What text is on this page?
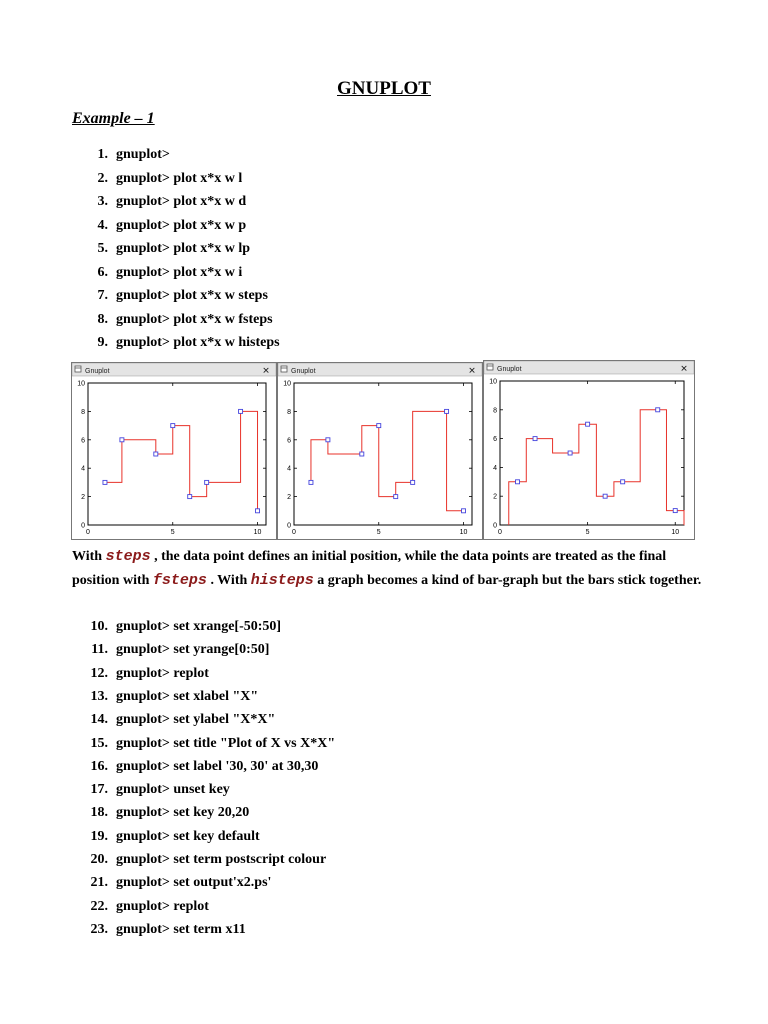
GNUPLOT
Example – 1
1. gnuplot>
2. gnuplot> plot x*x w l
3. gnuplot> plot x*x w d
4. gnuplot> plot x*x w p
5. gnuplot> plot x*x w lp
6. gnuplot> plot x*x w i
7. gnuplot> plot x*x w steps
8. gnuplot> plot x*x w fsteps
9. gnuplot> plot x*x w histeps
Gnuplot	✕
0
2
4
6
8
10
0	5	10
Gnuplot	✕
0
2
4
6
8
10
0	5	10
Gnuplot	✕
0
2
4
6
8
10
0	5	10
With steps , the data point defines an initial position, while the data points are treated as the final position with fsteps . With histeps a graph becomes a kind of bar-graph but the bars stick together.
10. gnuplot> set xrange[-50:50]
11. gnuplot> set yrange[0:50]
12. gnuplot> replot
13. gnuplot> set xlabel "X"
14. gnuplot> set ylabel "X*X"
15. gnuplot> set title "Plot of X vs X*X"
16. gnuplot> set label '30, 30' at 30,30
17. gnuplot> unset key
18. gnuplot> set key 20,20
19. gnuplot> set key default
20. gnuplot> set term postscript colour
21. gnuplot> set output'x2.ps'
22. gnuplot> replot
23. gnuplot> set term x11
